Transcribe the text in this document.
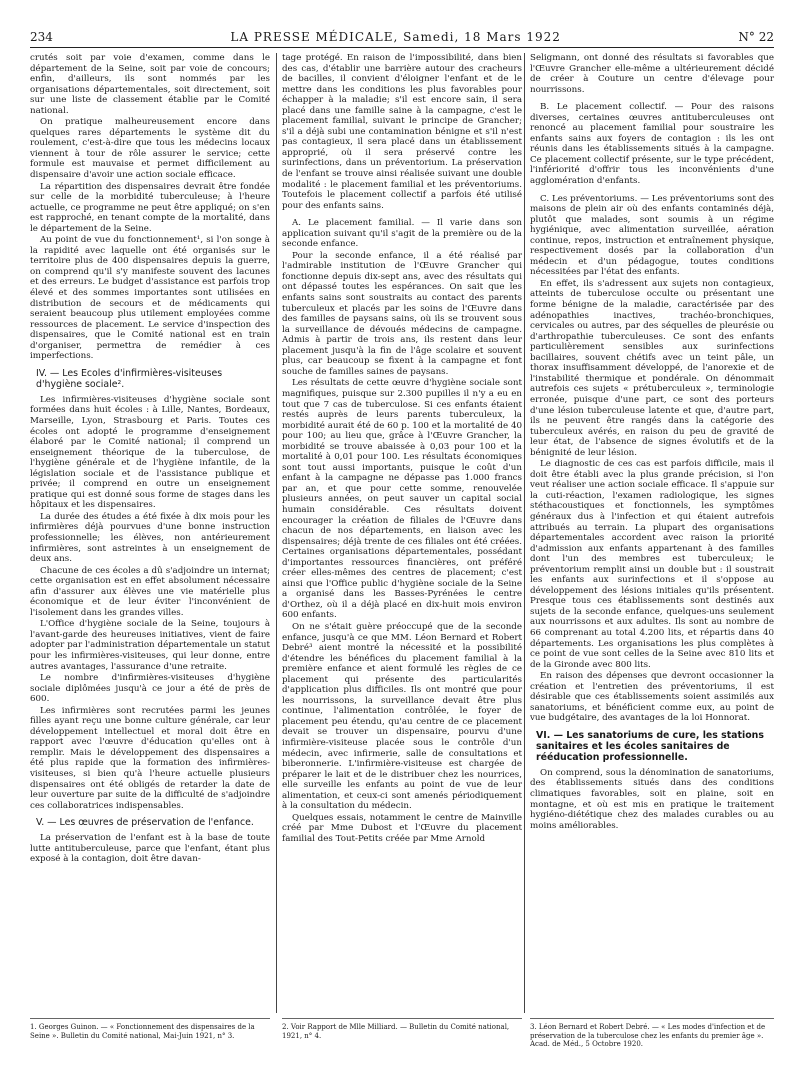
234	LA PRESSE MÉDICALE, Samedi, 18 Mars 1922	N° 22

crutés soit par voie d'examen, comme dans le département de la Seine, soit par voie de concours; enfin, d'ailleurs, ils sont nommés par les organisations départementales, soit directement, soit sur une liste de classement établie par le Comité national.

On pratique malheureusement encore dans quelques rares départements le système dit du roulement, c'est-à-dire que tous les médecins locaux viennent à tour de rôle assurer le service; cette formule est mauvaise et permet difficilement au dispensaire d'avoir une action sociale efficace.

La répartition des dispensaires devrait être fondée sur celle de la morbidité tuberculeuse; à l'heure actuelle, ce programme ne peut être appliqué; on s'en est rapproché, en tenant compte de la mortalité, dans le département de la Seine.

Au point de vue du fonctionnement¹, si l'on songe à la rapidité avec laquelle ont été organisés sur le territoire plus de 400 dispensaires depuis la guerre, on comprend qu'il s'y manifeste souvent des lacunes et des erreurs. Le budget d'assistance est parfois trop élevé et des sommes importantes sont utilisées en distribution de secours et de médicaments qui seraient beaucoup plus utilement employées comme ressources de placement. Le service d'inspection des dispensaires, que le Comité national est en train d'organiser, permettra de remédier à ces imperfections.

IV. — Les Ecoles d'infirmières-visiteuses d'hygiène sociale².

Les infirmières-visiteuses d'hygiène sociale sont formées dans huit écoles : à Lille, Nantes, Bordeaux, Marseille, Lyon, Strasbourg et Paris. Toutes ces écoles ont adopté le programme d'enseignement élaboré par le Comité national; il comprend un enseignement théorique de la tuberculose, de l'hygiène générale et de l'hygiène infantile, de la législation sociale et de l'assistance publique et privée; il comprend en outre un enseignement pratique qui est donné sous forme de stages dans les hôpitaux et les dispensaires.

La durée des études a été fixée à dix mois pour les infirmières déjà pourvues d'une bonne instruction professionnelle; les élèves, non antérieurement infirmières, sont astreintes à un enseignement de deux ans.

Chacune de ces écoles a dû s'adjoindre un internat; cette organisation est en effet absolument nécessaire afin d'assurer aux élèves une vie matérielle plus économique et de leur éviter l'inconvénient de l'isolement dans les grandes villes.

L'Office d'hygiène sociale de la Seine, toujours à l'avant-garde des heureuses initiatives, vient de faire adopter par l'administration départementale un statut pour les infirmières-visiteuses, qui leur donne, entre autres avantages, l'assurance d'une retraite.

Le nombre d'infirmières-visiteuses d'hygiène sociale diplômées jusqu'à ce jour a été de près de 600.

Les infirmières sont recrutées parmi les jeunes filles ayant reçu une bonne culture générale, car leur développement intellectuel et moral doit être en rapport avec l'œuvre d'éducation qu'elles ont à remplir. Mais le développement des dispensaires a été plus rapide que la formation des infirmières-visiteuses, si bien qu'à l'heure actuelle plusieurs dispensaires ont été obligés de retarder la date de leur ouverture par suite de la difficulté de s'adjoindre ces collaboratrices indispensables.

V. — Les œuvres de préservation de l'enfance.

La préservation de l'enfant est à la base de toute lutte antituberculeuse, parce que l'enfant, étant plus exposé à la contagion, doit être davan-

tage protégé. En raison de l'impossibilité, dans bien des cas, d'établir une barrière autour des cracheurs de bacilles, il convient d'éloigner l'enfant et de le mettre dans les conditions les plus favorables pour échapper à la maladie; s'il est encore sain, il sera placé dans une famille saine à la campagne, c'est le placement familial, suivant le principe de Grancher; s'il a déjà subi une contamination bénigne et s'il n'est pas contagieux, il sera placé dans un établissement approprié, où il sera préservé contre les surinfections, dans un préventorium. La préservation de l'enfant se trouve ainsi réalisée suivant une double modalité : le placement familial et les préventoriums. Toutefois le placement collectif a parfois été utilisé pour des enfants sains.

A. Le placement familial. — Il varie dans son application suivant qu'il s'agit de la première ou de la seconde enfance.

Pour la seconde enfance, il a été réalisé par l'admirable institution de l'Œuvre Grancher qui fonctionne depuis dix-sept ans, avec des résultats qui ont dépassé toutes les espérances. On sait que les enfants sains sont soustraits au contact des parents tuberculeux et placés par les soins de l'Œuvre dans des familles de paysans sains, où ils se trouvent sous la surveillance de dévoués médecins de campagne. Admis à partir de trois ans, ils restent dans leur placement jusqu'à la fin de l'âge scolaire et souvent plus, car beaucoup se fixent à la campagne et font souche de familles saines de paysans.

Les résultats de cette œuvre d'hygiène sociale sont magnifiques, puisque sur 2.300 pupilles il n'y a eu en tout que 7 cas de tuberculose. Si ces enfants étaient restés auprès de leurs parents tuberculeux, la morbidité aurait été de 60 p. 100 et la mortalité de 40 pour 100; au lieu que, grâce à l'Œuvre Grancher, la morbidité se trouve abaissée à 0,03 pour 100 et la mortalité à 0,01 pour 100. Les résultats économiques sont tout aussi importants, puisque le coût d'un enfant à la campagne ne dépasse pas 1.000 francs par an, et que pour cette somme, renouvelée plusieurs années, on peut sauver un capital social humain considérable. Ces résultats doivent encourager la création de filiales de l'Œuvre dans chacun de nos départements, en liaison avec les dispensaires; déjà trente de ces filiales ont été créées. Certaines organisations départementales, possédant d'importantes ressources financières, ont préféré créer elles-mêmes des centres de placement; c'est ainsi que l'Office public d'hygiène sociale de la Seine a organisé dans les Basses-Pyrénées le centre d'Orthez, où il a déjà placé en dix-huit mois environ 600 enfants.

On ne s'était guère préoccupé que de la seconde enfance, jusqu'à ce que MM. Léon Bernard et Robert Debré³ aient montré la nécessité et la possibilité d'étendre les bénéfices du placement familial à la première enfance et aient formulé les règles de ce placement qui présente des particularités d'application plus difficiles. Ils ont montré que pour les nourrissons, la surveillance devait être plus continue, l'alimentation contrôlée, le foyer de placement peu étendu, qu'au centre de ce placement devait se trouver un dispensaire, pourvu d'une infirmière-visiteuse placée sous le contrôle d'un médecin, avec infirmerie, salle de consultations et biberonnerie. L'infirmière-visiteuse est chargée de préparer le lait et de le distribuer chez les nourrices, elle surveille les enfants au point de vue de leur alimentation, et ceux-ci sont amenés périodiquement à la consultation du médecin.

Quelques essais, notamment le centre de Mainville créé par Mme Dubost et l'Œuvre du placement familial des Tout-Petits créée par Mme Arnold

Seligmann, ont donné des résultats si favorables que l'Œuvre Grancher elle-même a ultérieurement décidé de créer à Couture un centre d'élevage pour nourrissons.

B. Le placement collectif. — Pour des raisons diverses, certaines œuvres antituberculeuses ont renoncé au placement familial pour soustraire les enfants sains aux foyers de contagion : ils les ont réunis dans les établissements situés à la campagne. Ce placement collectif présente, sur le type précédent, l'infériorité d'offrir tous les inconvénients d'une agglomération d'enfants.

C. Les préventoriums. — Les préventoriums sont des maisons de plein air où des enfants contaminés déjà, plutôt que malades, sont soumis à un régime hygiénique, avec alimentation surveillée, aération continue, repos, instruction et entraînement physique, respectivement dosés par la collaboration d'un médecin et d'un pédagogue, toutes conditions nécessitées par l'état des enfants.

En effet, ils s'adressent aux sujets non contagieux, atteints de tuberculose occulte ou présentant une forme bénigne de la maladie, caractérisée par des adénopathies inactives, trachéo-bronchiques, cervicales ou autres, par des séquelles de pleurésie ou d'arthropathie tuberculeuses. Ce sont des enfants particulièrement sensibles aux surinfections bacillaires, souvent chétifs avec un teint pâle, un thorax insuffisamment développé, de l'anorexie et de l'instabilité thermique et pondérale. On dénommait autrefois ces sujets « prétuberculeux », terminologie erronée, puisque d'une part, ce sont des porteurs d'une lésion tuberculeuse latente et que, d'autre part, ils ne peuvent être rangés dans la catégorie des tuberculeux avérés, en raison du peu de gravité de leur état, de l'absence de signes évolutifs et de la bénignité de leur lésion.

Le diagnostic de ces cas est parfois difficile, mais il doit être établi avec la plus grande précision, si l'on veut réaliser une action sociale efficace. Il s'appuie sur la cuti-réaction, l'examen radiologique, les signes stéthacoustiques et fonctionnels, les symptômes généraux dus à l'infection et qui étaient autrefois attribués au terrain. La plupart des organisations départementales accordent avec raison la priorité d'admission aux enfants appartenant à des familles dont l'un des membres est tuberculeux; le préventorium remplit ainsi un double but : il soustrait les enfants aux surinfections et il s'oppose au développement des lésions initiales qu'ils présentent. Presque tous ces établissements sont destinés aux sujets de la seconde enfance, quelques-uns seulement aux nourrissons et aux adultes. Ils sont au nombre de 66 comprenant au total 4.200 lits, et répartis dans 40 départements. Les organisations les plus complètes à ce point de vue sont celles de la Seine avec 810 lits et de la Gironde avec 800 lits.

En raison des dépenses que devront occasionner la création et l'entretien des préventoriums, il est désirable que ces établissements soient assimilés aux sanatoriums, et bénéficient comme eux, au point de vue budgétaire, des avantages de la loi Honnorat.

VI. — Les sanatoriums de cure, les stations sanitaires et les écoles sanitaires de rééducation professionnelle.

On comprend, sous la dénomination de sanatoriums, des établissements situés dans des conditions climatiques favorables, soit en plaine, soit en montagne, et où est mis en pratique le traitement hygiéno-diététique chez des malades curables ou au moins améliorables.

1. Georges Guinon. — « Fonctionnement des dispensaires de la Seine ». Bulletin du Comité national, Mai-Juin 1921, n° 3.
2. Voir Rapport de Mlle Milliard. — Bulletin du Comité national, 1921, n° 4.
3. Léon Bernard et Robert Debré. — « Les modes d'infection et de préservation de la tuberculose chez les enfants du premier âge ». Acad. de Méd., 5 Octobre 1920.
